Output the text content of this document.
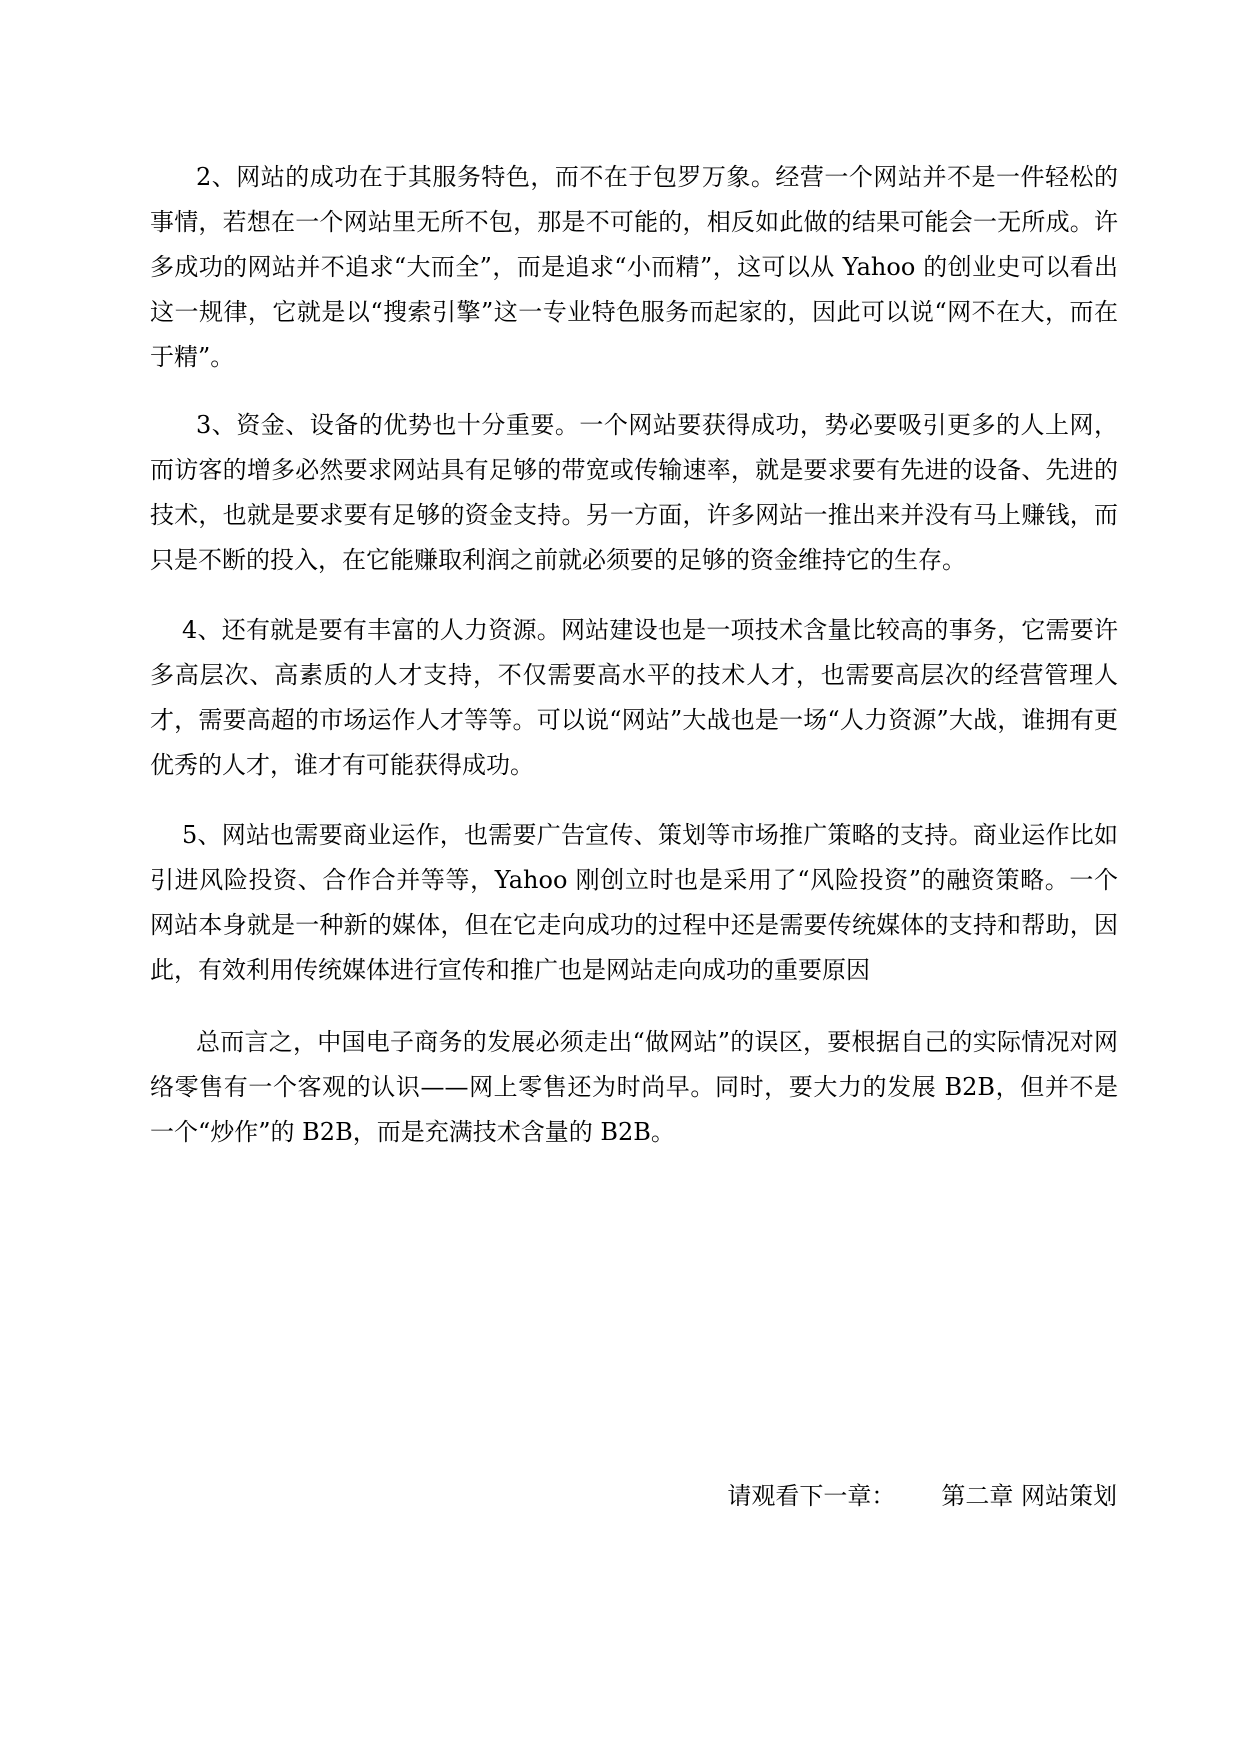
2、网站的成功在于其服务特色，而不在于包罗万象。经营一个网站并不是一件轻松的事情，若想在一个网站里无所不包，那是不可能的，相反如此做的结果可能会一无所成。许多成功的网站并不追求“大而全”，而是追求“小而精”，这可以从 Yahoo 的创业史可以看出这一规律，它就是以“搜索引擎”这一专业特色服务而起家的，因此可以说“网不在大，而在于精”。

3、资金、设备的优势也十分重要。一个网站要获得成功，势必要吸引更多的人上网，而访客的增多必然要求网站具有足够的带宽或传输速率，就是要求要有先进的设备、先进的技术，也就是要求要有足够的资金支持。另一方面，许多网站一推出来并没有马上赚钱，而只是不断的投入，在它能赚取利润之前就必须要的足够的资金维持它的生存。

4、还有就是要有丰富的人力资源。网站建设也是一项技术含量比较高的事务，它需要许多高层次、高素质的人才支持，不仅需要高水平的技术人才，也需要高层次的经营管理人才，需要高超的市场运作人才等等。可以说“网站”大战也是一场“人力资源”大战，谁拥有更优秀的人才，谁才有可能获得成功。

5、网站也需要商业运作，也需要广告宣传、策划等市场推广策略的支持。商业运作比如引进风险投资、合作合并等等，Yahoo 刚创立时也是采用了“风险投资”的融资策略。一个网站本身就是一种新的媒体，但在它走向成功的过程中还是需要传统媒体的支持和帮助，因此，有效利用传统媒体进行宣传和推广也是网站走向成功的重要原因

总而言之，中国电子商务的发展必须走出“做网站”的误区，要根据自己的实际情况对网络零售有一个客观的认识——网上零售还为时尚早。同时，要大力的发展 B2B，但并不是一个“炒作”的 B2B，而是充满技术含量的 B2B。

请观看下一章： 第二章 网站策划
